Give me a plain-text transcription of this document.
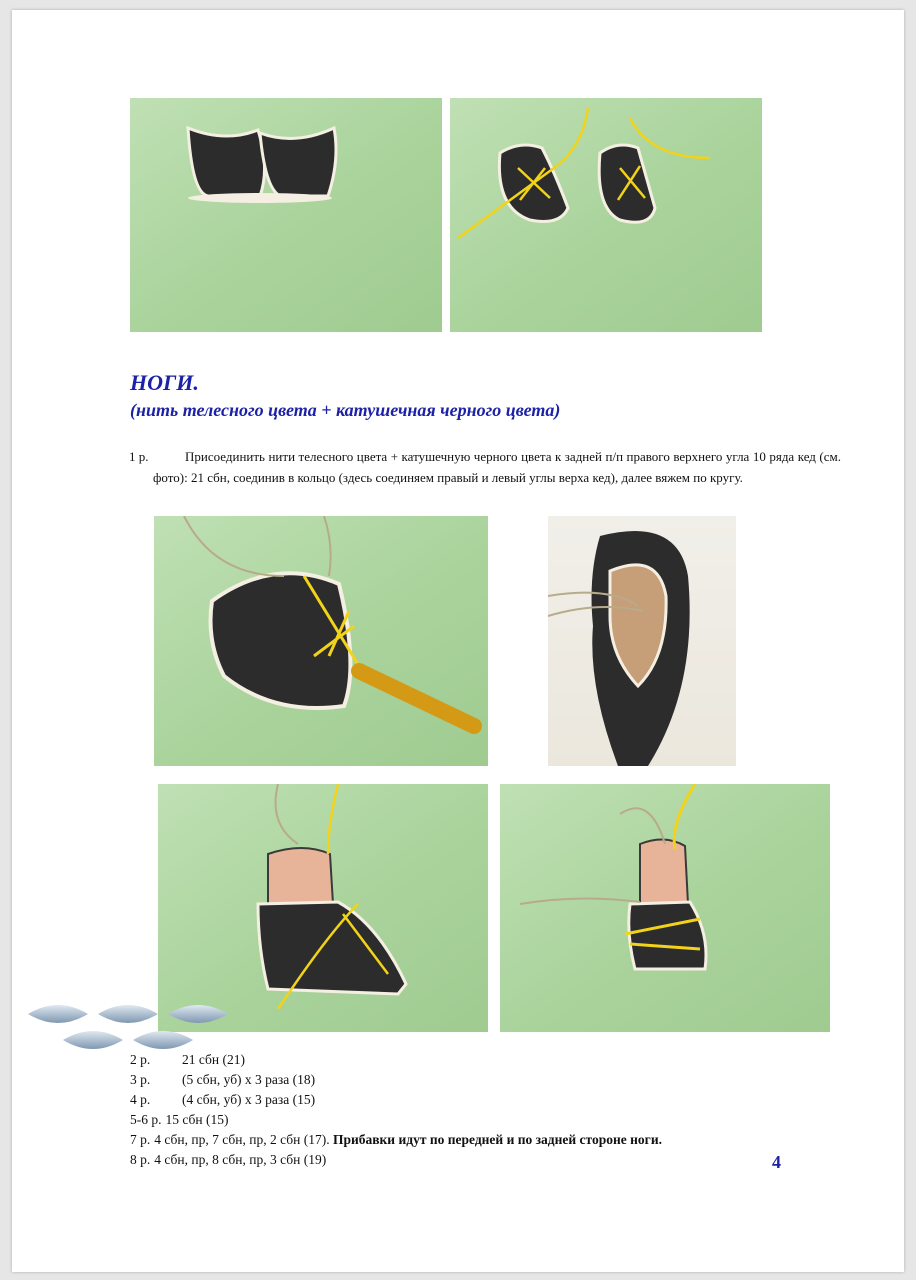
НОГИ.
(нить телесного цвета + катушечная черного цвета)
1 р.	Присоединить нити телесного цвета + катушечную черного цвета к задней п/п правого верхнего угла 10 ряда кед (см. фото): 21 сбн, соединив в кольцо (здесь соединяем правый и левый углы верха кед), далее вяжем по кругу.
2 р. 21 сбн (21)
3 р. (5 сбн, уб) х 3 раза (18)
4 р. (4 сбн, уб) х 3 раза (15)
5-6 р. 15 сбн (15)
7 р. 4 сбн, пр, 7 сбн, пр, 2 сбн (17). Прибавки идут по передней и по задней стороне ноги.
8 р. 4 сбн, пр, 8 сбн, пр, 3 сбн (19)	4
